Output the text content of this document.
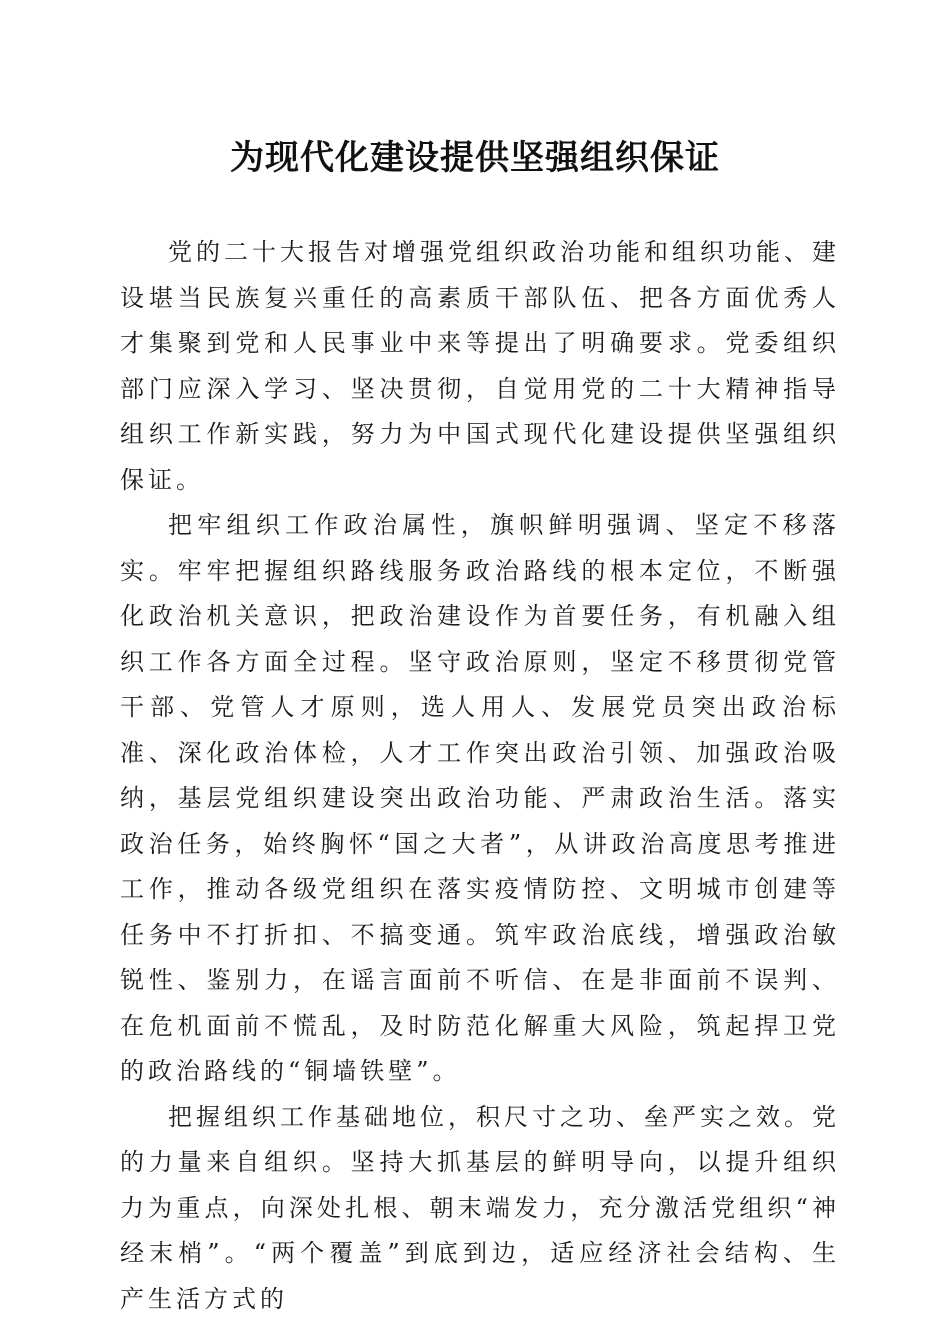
为现代化建设提供坚强组织保证

党的二十大报告对增强党组织政治功能和组织功能、建设堪当民族复兴重任的高素质干部队伍、把各方面优秀人才集聚到党和人民事业中来等提出了明确要求。党委组织部门应深入学习、坚决贯彻，自觉用党的二十大精神指导组织工作新实践，努力为中国式现代化建设提供坚强组织保证。

把牢组织工作政治属性，旗帜鲜明强调、坚定不移落实。牢牢把握组织路线服务政治路线的根本定位，不断强化政治机关意识，把政治建设作为首要任务，有机融入组织工作各方面全过程。坚守政治原则，坚定不移贯彻党管干部、党管人才原则，选人用人、发展党员突出政治标准、深化政治体检，人才工作突出政治引领、加强政治吸纳，基层党组织建设突出政治功能、严肃政治生活。落实政治任务，始终胸怀“国之大者”，从讲政治高度思考推进工作，推动各级党组织在落实疫情防控、文明城市创建等任务中不打折扣、不搞变通。筑牢政治底线，增强政治敏锐性、鉴别力，在谣言面前不听信、在是非面前不误判、在危机面前不慌乱，及时防范化解重大风险，筑起捍卫党的政治路线的“铜墙铁壁”。

把握组织工作基础地位，积尺寸之功、垒严实之效。党的力量来自组织。坚持大抓基层的鲜明导向，以提升组织力为重点，向深处扎根、朝末端发力，充分激活党组织“神经末梢”。“两个覆盖”到底到边，适应经济社会结构、生产生活方式的
